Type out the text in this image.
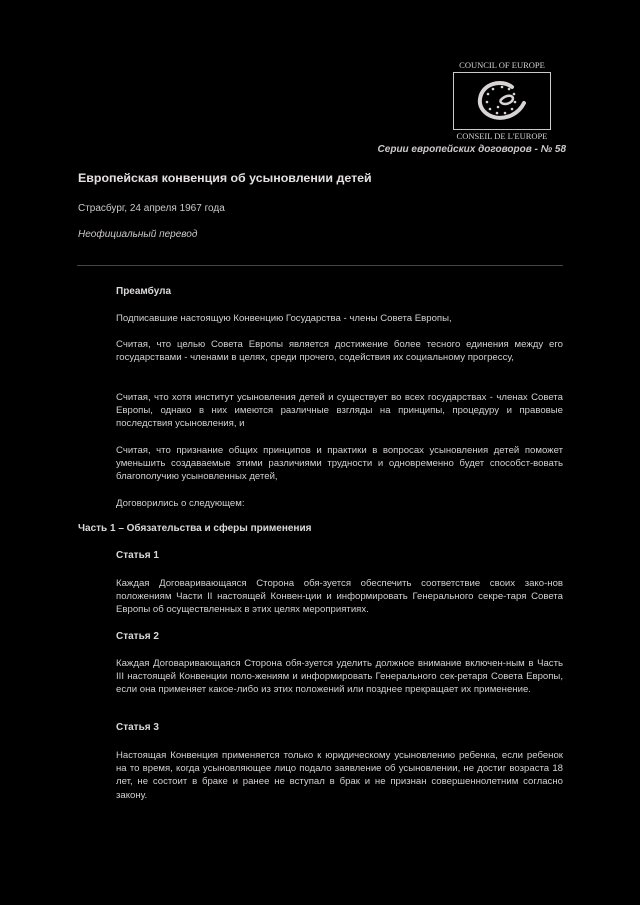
COUNCIL OF EUROPE
CONSEIL DE L'EUROPE
Серии европейских договоров - № 58
Европейская конвенция об усыновлении детей
Страсбург, 24 апреля 1967 года
Неофициальный перевод
Преамбула
Подписавшие настоящую Конвенцию Государства - члены Совета Европы,
Считая, что целью Совета Европы является достижение более тесного единения между его государствами - членами в целях, среди прочего, содействия их социальному прогрессу,
Считая, что хотя институт усыновления детей и существует во всех государствах - членах Совета Европы, однако в них имеются различные взгляды на принципы, процедуру и правовые последствия усыновления, и
Считая, что признание общих принципов и практики в вопросах усыновления детей поможет уменьшить создаваемые этими различиями трудности и одновременно будет способст-вовать благополучию усыновленных детей,
Договорились о следующем:
Часть 1 – Обязательства и сферы применения
Статья 1
Каждая Договаривающаяся Сторона обя-зуется обеспечить соответствие своих зако-нов положениям Части II настоящей Конвен-ции и информировать Генерального секре-таря Совета Европы об осуществленных в этих целях мероприятиях.
Статья 2
Каждая Договаривающаяся Сторона обя-зуется уделить должное внимание включен-ным в Часть III настоящей Конвенции поло-жениям и информировать Генерального сек-ретаря Совета Европы, если она применяет какое-либо из этих положений или позднее прекращает их применение.
Статья 3
Настоящая Конвенция применяется только к юридическому усыновлению ребенка, если ребенок на то время, когда усыновляющее лицо подало заявление об усыновлении, не достиг возраста 18 лет, не состоит в браке и ранее не вступал в брак и не признан совершеннолетним согласно закону.
